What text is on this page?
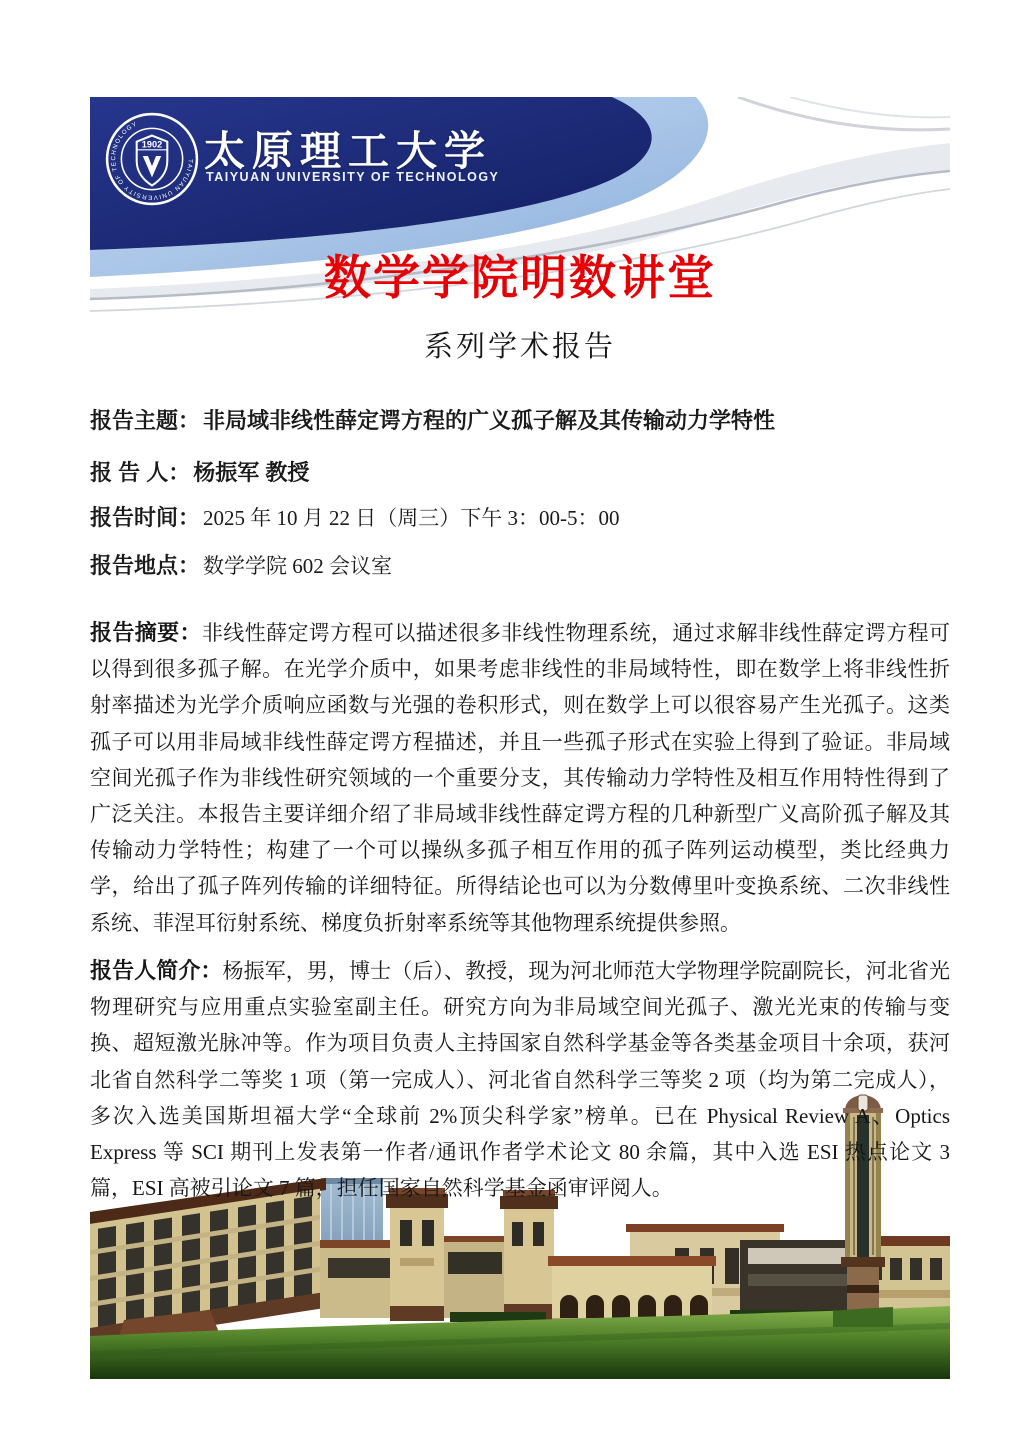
TAIYUAN UNIVERSITY OF TECHNOLOGY
1902 太原理工大学
TAIYUAN UNIVERSITY OF TECHNOLOGY
数学学院明数讲堂
系列学术报告
报告主题： 非局域非线性薛定谔方程的广义孤子解及其传输动力学特性
报 告 人： 杨振军 教授
报告时间： 2025 年 10 月 22 日（周三）下午 3：00-5：00
报告地点： 数学学院 602 会议室

报告摘要：非线性薛定谔方程可以描述很多非线性物理系统，通过求解非线性薛定谔方程可以得到很多孤子解。在光学介质中，如果考虑非线性的非局域特性，即在数学上将非线性折射率描述为光学介质响应函数与光强的卷积形式，则在数学上可以很容易产生光孤子。这类孤子可以用非局域非线性薛定谔方程描述，并且一些孤子形式在实验上得到了验证。非局域空间光孤子作为非线性研究领域的一个重要分支，其传输动力学特性及相互作用特性得到了广泛关注。本报告主要详细介绍了非局域非线性薛定谔方程的几种新型广义高阶孤子解及其传输动力学特性；构建了一个可以操纵多孤子相互作用的孤子阵列运动模型，类比经典力学，给出了孤子阵列传输的详细特征。所得结论也可以为分数傅里叶变换系统、二次非线性系统、菲涅耳衍射系统、梯度负折射率系统等其他物理系统提供参照。

报告人简介：杨振军，男，博士（后）、教授，现为河北师范大学物理学院副院长，河北省光物理研究与应用重点实验室副主任。研究方向为非局域空间光孤子、激光光束的传输与变换、超短激光脉冲等。作为项目负责人主持国家自然科学基金等各类基金项目十余项，获河北省自然科学二等奖 1 项（第一完成人）、河北省自然科学三等奖 2 项（均为第二完成人），多次入选美国斯坦福大学“全球前 2%顶尖科学家”榜单。已在 Physical Review A、Optics Express 等 SCI 期刊上发表第一作者/通讯作者学术论文 80 余篇，其中入选 ESI 热点论文 3 篇，ESI 高被引论文 7 篇，担任国家自然科学基金函审评阅人。
